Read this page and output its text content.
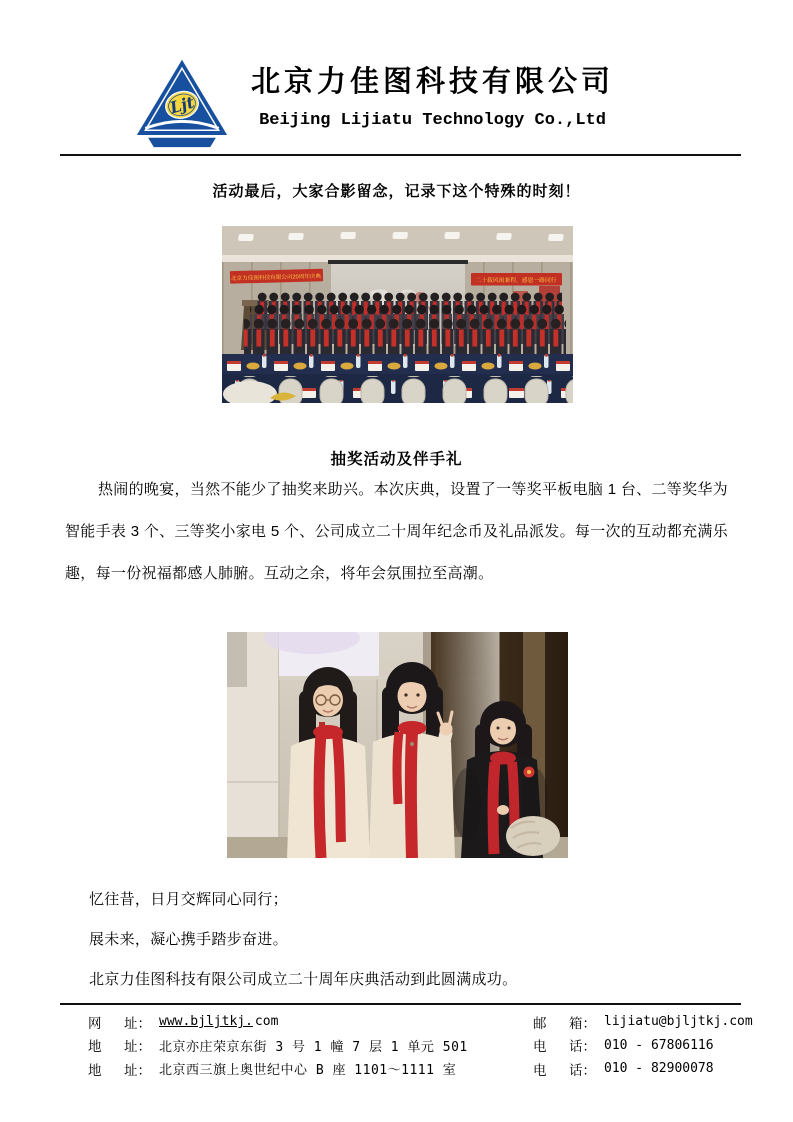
Ljt
北京力佳图科技有限公司
Beijing Lijiatu Technology Co.,Ltd
活动最后，大家合影留念，记录下这个特殊的时刻！
北京力佳图科技有限公司20周年庆典	二十载风雨兼程，感恩一路同行
抽奖活动及伴手礼
热闹的晚宴，当然不能少了抽奖来助兴。本次庆典，设置了一等奖平板电脑 1 台、二等奖华为智能手表 3 个、三等奖小家电 5 个、公司成立二十周年纪念币及礼品派发。每一次的互动都充满乐趣，每一份祝福都感人肺腑。互动之余，将年会氛围拉至高潮。

忆往昔，日月交辉同心同行；

展未来，凝心携手踏步奋进。

北京力佳图科技有限公司成立二十周年庆典活动到此圆满成功。

网 址： www.bjljtkj. com
地 址： 北京亦庄荣京东街 3 号 1 幢 7 层 1 单元 501
地 址： 北京西三旗上奥世纪中心 B 座 1101～1111 室
邮 箱： lijiatu@bjljtkj.com
电 话： 010 - 67806116
电 话： 010 - 82900078
